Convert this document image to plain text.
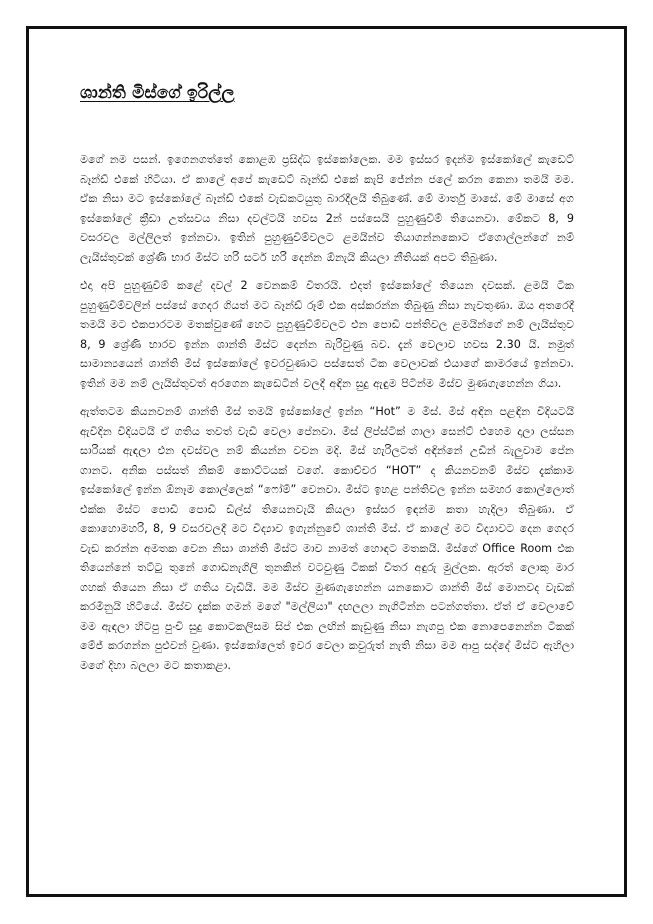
ශාන්ති මිස්ගේ ඉරිල්ල

මගේ නම පසන්. ඉගෙනගත්තේ කොළඹ ප්‍රසිද්ධ ඉස්කෝලෙක. මම ඉස්සර ඉදන්ම ඉස්කෝලේ කැඩෙට් බෑන්ඩ් එකේ හිටියා. ඒ කාලේ අපේ කැඩෙට් බෑන්ඩ් එකේ කැපි ජේන්න ජලේ කරන කෙනා තමයි මම. ඒක නිසා මට ඉස්කෝලේ බෑන්ඩ් එකේ වැඩකටයුතු බාරදීලයි තිබුණේ. මේ මාර්තු මාසේ. මේ මාසේ අග ඉස්කෝලේ ක්‍රීඩා උත්සවය නිසා දවල්ටයි හවස 2න් පස්සෙයි පුහුණුවීම් තියෙනවා. මේකට 8, 9 වසරවල මල්ලිලත් ඉන්නවා. ඉතින් පුහුණුවීම්වලට ළමයින්ව තියාගන්නකොට ඒගොල්ලන්ගේ නම් ලැයිස්තුවක් ශ්‍රේණි භාර මිස්ට හරි සර්ට හරි දෙන්න ඕනැයි කියලා නීතියක් අපට තිබුණා.

එදා අපි පුහුණුවීම් කළේ දවල් 2 වෙනකම් විතරයි. එදත් ඉස්කෝලේ තියෙන දවසක්. ළමයි ටික පුහුණුවීම්වලින් පස්සේ ගෙදර ගියත් මට බෑන්ඩ් රූම් එක අස්කරන්න තිබුණු නිසා නැවතුණා. ඔය අතරෙදී තමයි මට එකපාරටම මතක්වුණේ හෙට පුහුණුවීම්වලට එන පොඩි පන්තිවල ළමයින්ගේ නම් ලැයිස්තුව 8, 9 ශ්‍රේණි භාරව ඉන්න ශාන්ති මිස්ට දෙන්න බැරිවුණු බව. දැන් වෙලාව හවස 2.30 යි. නමුත් සාමාන්‍යයෙන් ශාන්ති මිස් ඉස්කෝලේ ඉවරවුණාට පස්සෙත් ටික වෙලාවක් එයාගේ කාමරයේ ඉන්නවා. ඉතින් මම නම් ලැයිස්තුවත් අරගෙන කැඩෙටින් වලදී අඳින සුදු ඇඳුම පිටින්ම මිස්ව මුණගැහෙන්න ගියා.

ඇත්තටම කියනවනම් ශාන්ති මිස් තමයි ඉස්කෝලේ ඉන්න “Hot” ම මිස්. මිස් අඳින පළඳින විදියටයි ඇවිදින විදියටයි ඒ ගතිය තවත් වැඩි වෙලා පේනවා. මිස් ලිප්ස්ටික් ගාලා සෙන්ට් එහෙම දාලා ලස්සන සාරියක් ඇඳලා එන දවස්වල නම් කියන්න වචන මදි. මිස් හැරිලටත් අඳින්නේ උඩින් බැලුවාම පේන ගානට. අනික පස්සත් නිකම් කොට්ටයක් වගේ. කොච්චර “HOT” ද කියනවනම් මිස්ව දැක්කාම ඉස්කෝලේ ඉන්න ඕනෑම කොල්ලෙක් “ෆෝම්” වෙනවා. මිස්ට ඉහළ පන්තිවල ඉන්න සමහර කොල්ලොත් එක්ක මිස්ට පොඩි පොඩි ඩීල්ස් තියෙනවැයි කියලා ඉස්සර ඉඳන්ම කතා හැදිලා තිබුණා. ඒ කොහොමහරි, 8, 9 වසරවලදී මට විද්‍යාව ඉගැන්නුවේ ශාන්ති මිස්. ඒ කාලේ මට විද්‍යාවට දෙන ගෙදර වැඩ කරන්න අමතක වෙන නිසා ශාන්ති මිස්ට මාව නාමත් හොඳට මතකයි. මිස්ගේ Office Room එක තියෙන්නේ තට්ටු තුනේ ගොඩනැගිලි තුනකින් වටවුණු ටිකක් විතර අඳුරු මුල්ලක. ඇරත් ලොකු මාර ගහක් තියෙන නිසා ඒ ගතිය වැඩියි. මම මිස්ව මුණගැහෙන්න යනකොට ශාන්ති මිස් මොනවද වැඩක් කරමිනුයි හිටියේ. මිස්ව දැක්ක ගමන් මගේ "මල්ලියා" දඟලලා නැගිටින්න පටන්ගත්තා. ඒත් ඒ වෙලාවේ මම ඇඳලා හිටපු පුංචි සුදු කොටකලිසම සිප් එක ලඟින් කැඩුණු නිසා නැගපු එක නොපෙනෙන්න ටිකක් මේජ් කරගන්න පුළුවන් වුණා. ඉස්කෝලෙත් ඉවර වෙලා කවුරුත් නැති නිසා මම ආපු සද්දේ මිස්ට ඇහිලා මගේ දිහා බලලා මට කතාකළා.
